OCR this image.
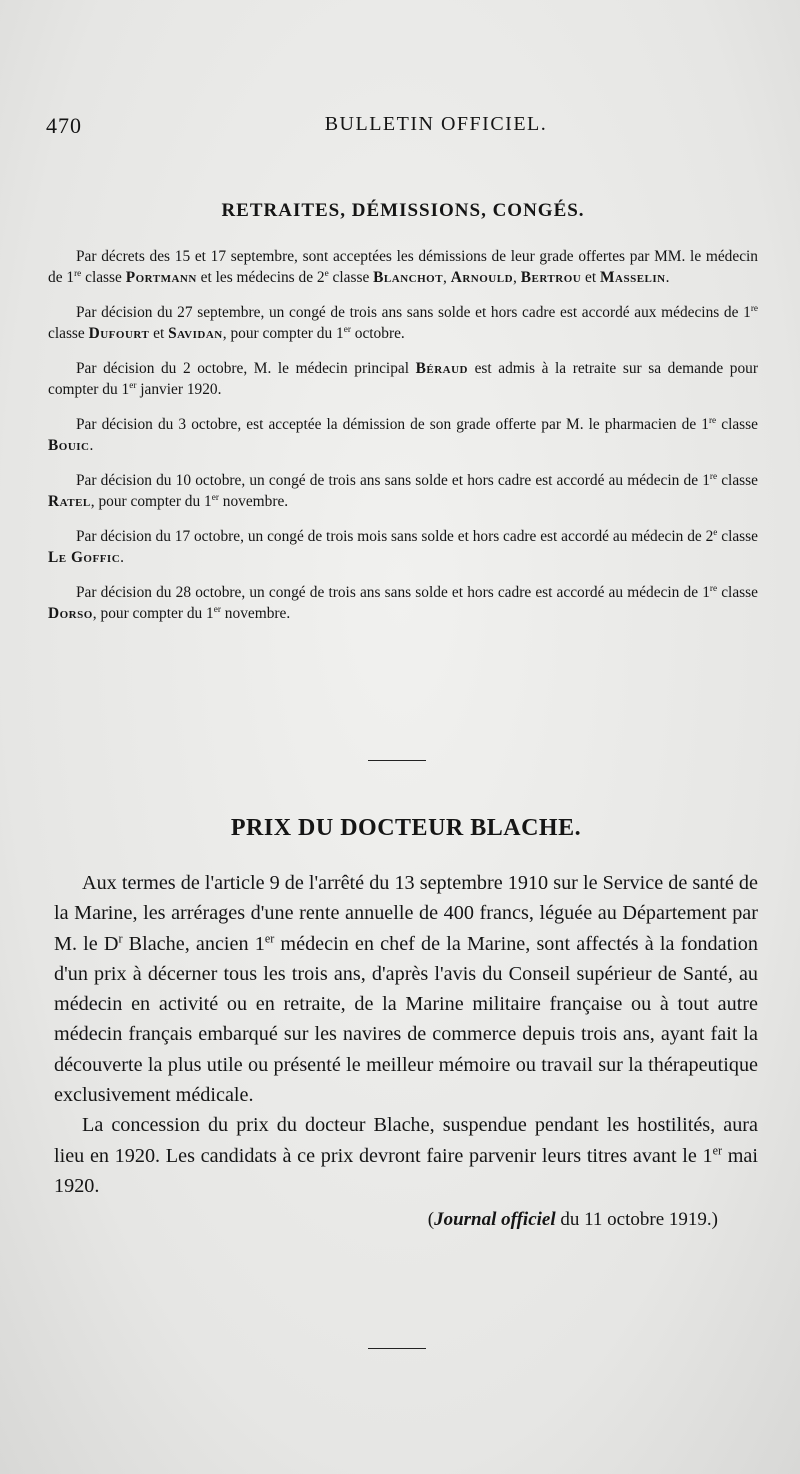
470	BULLETIN OFFICIEL.
RETRAITES, DÉMISSIONS, CONGÉS.

Par décrets des 15 et 17 septembre, sont acceptées les démissions de leur grade offertes par MM. le médecin de 1re classe Portmann et les médecins de 2e classe Blanchot, Arnould, Bertrou et Masselin.

Par décision du 27 septembre, un congé de trois ans sans solde et hors cadre est accordé aux médecins de 1re classe Dufourt et Savidan, pour compter du 1er octobre.

Par décision du 2 octobre, M. le médecin principal Béraud est admis à la retraite sur sa demande pour compter du 1er janvier 1920.

Par décision du 3 octobre, est acceptée la démission de son grade offerte par M. le pharmacien de 1re classe Bouic.

Par décision du 10 octobre, un congé de trois ans sans solde et hors cadre est accordé au médecin de 1re classe Ratel, pour compter du 1er novembre.

Par décision du 17 octobre, un congé de trois mois sans solde et hors cadre est accordé au médecin de 2e classe Le Goffic.

Par décision du 28 octobre, un congé de trois ans sans solde et hors cadre est accordé au médecin de 1re classe Dorso, pour compter du 1er novembre.

PRIX DU DOCTEUR BLACHE.

Aux termes de l'article 9 de l'arrêté du 13 septembre 1910 sur le Service de santé de la Marine, les arrérages d'une rente annuelle de 400 francs, léguée au Département par M. le $D^r$ Blache, ancien 1er médecin en chef de la Marine, sont affectés à la fondation d'un prix à décerner tous les trois ans, d'après l'avis du Conseil supérieur de Santé, au médecin en activité ou en retraite, de la Marine militaire française ou à tout autre médecin français embarqué sur les navires de commerce depuis trois ans, ayant fait la découverte la plus utile ou présenté le meilleur mémoire ou travail sur la thérapeutique exclusivement médicale.

La concession du prix du docteur Blache, suspendue pendant les hostilités, aura lieu en 1920. Les candidats à ce prix devront faire parvenir leurs titres avant le 1er mai 1920.

(Journal officiel du 11 octobre 1919.)
